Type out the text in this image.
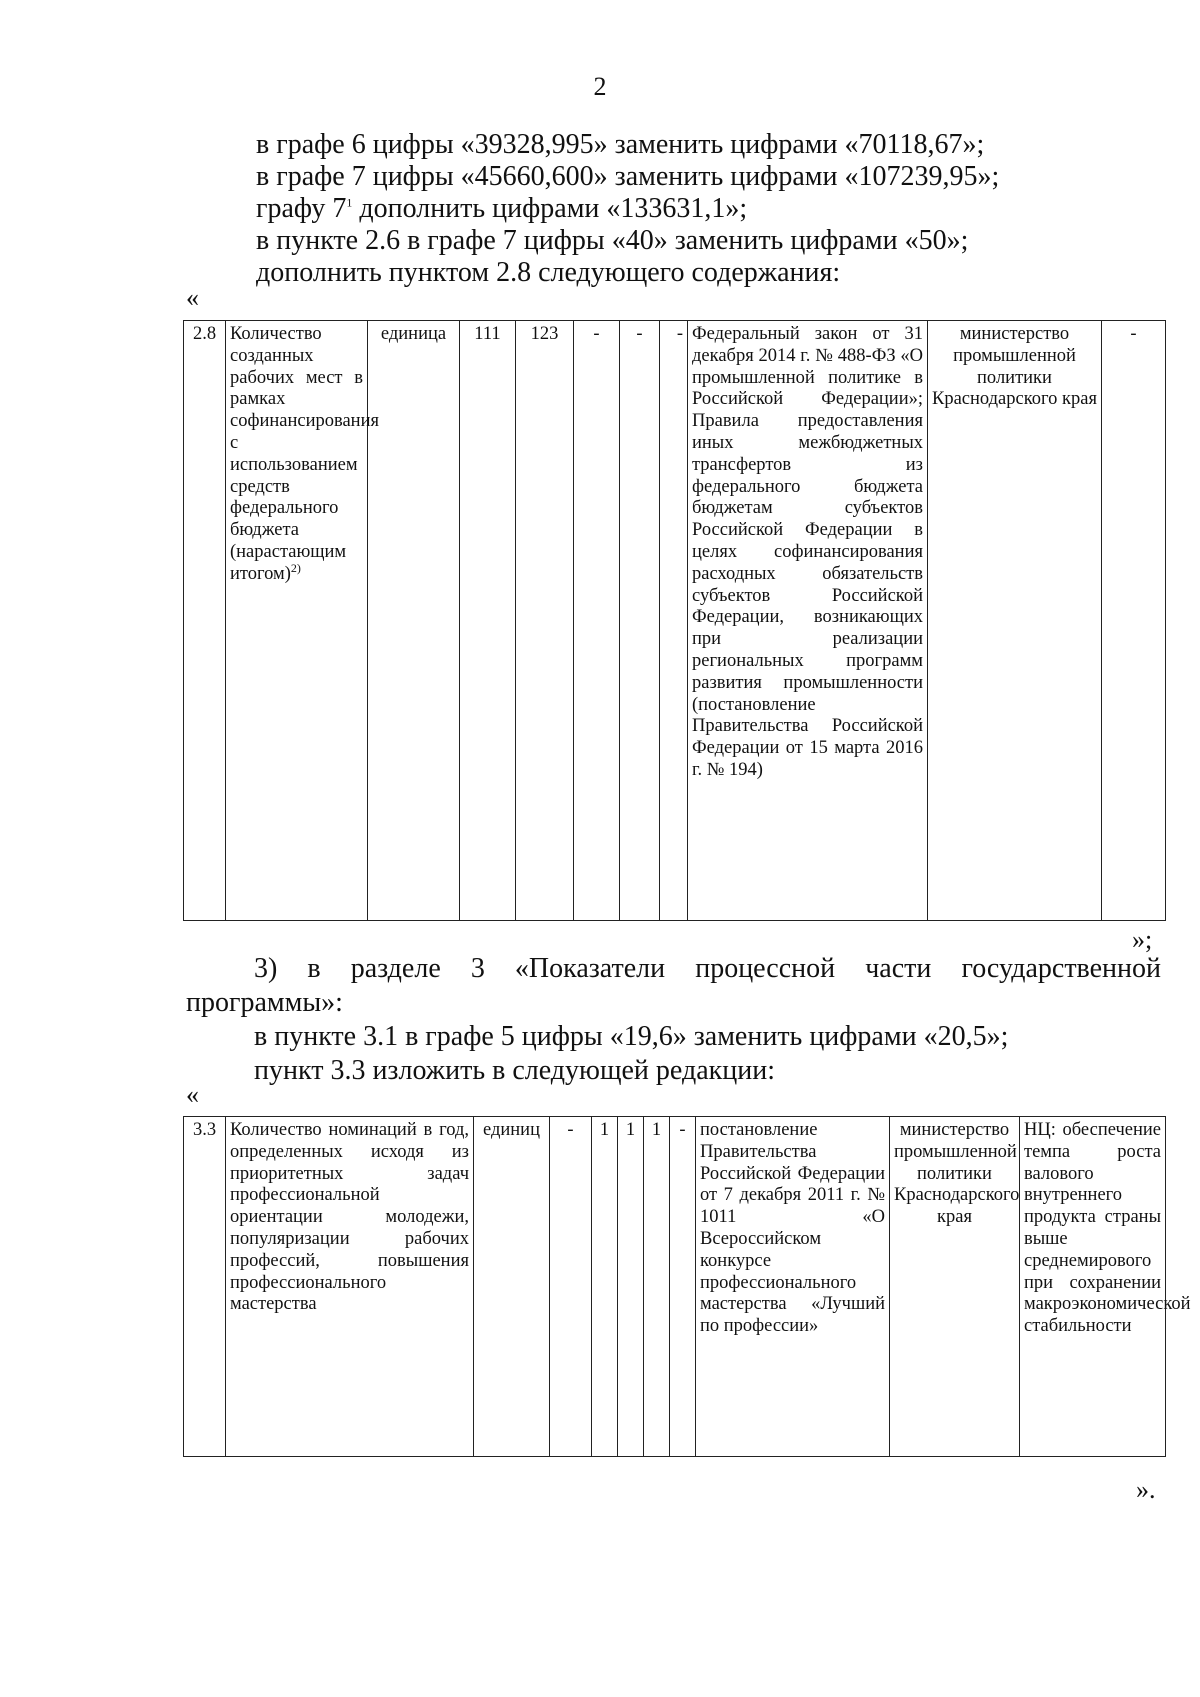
2
в графе 6 цифры «39328,995» заменить цифрами «70118,67»;
в графе 7 цифры «45660,600» заменить цифрами «107239,95»;
графу $7^1$ дополнить цифрами «133631,1»;
в пункте 2.6 в графе 7 цифры «40» заменить цифрами «50»;
дополнить пунктом 2.8 следующего содержания:
«
2.8	Количество созданных рабочих мест в рамках софинансирования с использованием средств федерального бюджета (нарастающим итогом)$^{2)}$	единица	111	123	-	-	-	Федеральный закон от 31 декабря 2014 г. № 488-ФЗ «О промышленной политике в Российской Федерации»; Правила предоставления иных межбюджетных трансфертов из федерального бюджета бюджетам субъектов Российской Федерации в целях софинансирования расходных обязательств субъектов Российской Федерации, возникающих при реализации региональных программ развития промышленности (постановление Правительства Российской Федерации от 15 марта 2016 г. № 194)	министерство промышленной политики Краснодарского края	-
»;
3) в разделе 3 «Показатели процессной части государственной программы»:
в пункте 3.1 в графе 5 цифры «19,6» заменить цифрами «20,5»;
пункт 3.3 изложить в следующей редакции:
«
3.3	Количество номинаций в год, определенных исходя из приоритетных задач профессиональной ориентации молодежи, популяризации рабочих профессий, повышения профессионального мастерства	единиц	-	1	1	1	-	постановление Правительства Российской Федерации от 7 декабря 2011 г. № 1011 «О Всероссийском конкурсе профессионального мастерства «Лучший по профессии»	министерство промышленной политики Краснодарского края	НЦ: обеспечение темпа роста валового внутреннего продукта страны выше среднемирового при сохранении макроэкономической стабильности
».
